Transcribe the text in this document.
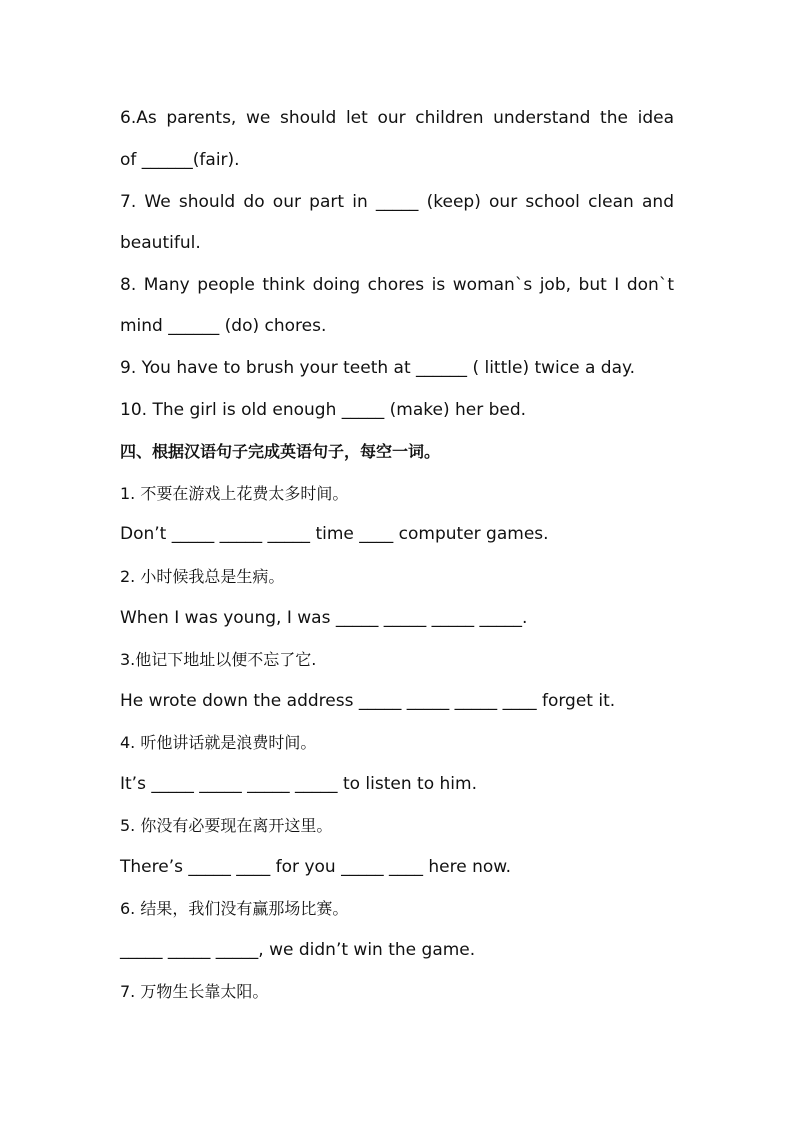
6.As parents, we should let our children understand the idea
of ______(fair).
7. We should do our part in _____ (keep) our school clean and
beautiful.
8. Many people think doing chores is woman`s job, but I don`t
mind ______ (do) chores.
9. You have to brush your teeth at ______ ( little) twice a day.
10. The girl is old enough _____ (make) her bed.
四、根据汉语句子完成英语句子，每空一词。
1. 不要在游戏上花费太多时间。
Don’t _____ _____ _____ time ____ computer games.
2. 小时候我总是生病。
When I was young, I was _____ _____ _____ _____.
3.他记下地址以便不忘了它.
He wrote down the address _____ _____ _____ ____ forget it.
4. 听他讲话就是浪费时间。
It’s _____ _____ _____ _____ to listen to him.
5. 你没有必要现在离开这里。
There’s _____ ____ for you _____ ____ here now.
6. 结果，我们没有赢那场比赛。
_____ _____ _____, we didn’t win the game.
7. 万物生长靠太阳。
